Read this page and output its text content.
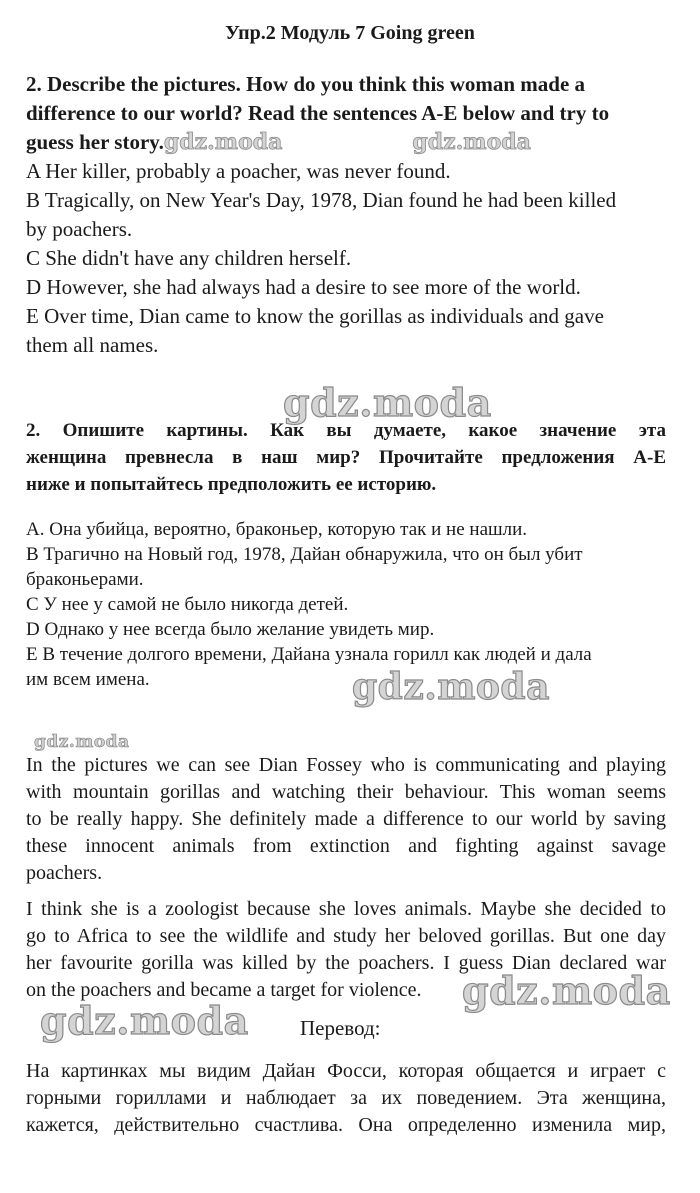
Упр.2 Модуль 7 Going green
2. Describe the pictures. How do you think this woman made a
difference to our world? Read the sentences A-E below and try to
guess her story.gdz.moda	gdz.moda
A Her killer, probably a poacher, was never found.
B Tragically, on New Year's Day, 1978, Dian found he had been killed
by poachers.
C She didn't have any children herself.
D However, she had always had a desire to see more of the world.
E Over time, Dian came to know the gorillas as individuals and gave
them all names.
gdz.moda
2. Опишите картины. Как вы думаете, какое значение эта
женщина превнесла в наш мир? Прочитайте предложения A-E
ниже и попытайтесь предположить ее историю.
А. Она убийца, вероятно, браконьер, которую так и не нашли.
В Трагично на Новый год, 1978, Дайан обнаружила, что он был убит
браконьерами.
С У нее у самой не было никогда детей.
D Однако у нее всегда было желание увидеть мир.
Е В течение долгого времени, Дайана узнала горилл как людей и дала
им всем имена.	gdz.moda
gdz.moda
In the pictures we can see Dian Fossey who is communicating and playing
with mountain gorillas and watching their behaviour. This woman seems
to be really happy. She definitely made a difference to our world by saving
these innocent animals from extinction and fighting against savage
poachers.
I think she is a zoologist because she loves animals. Maybe she decided to
go to Africa to see the wildlife and study her beloved gorillas. But one day
her favourite gorilla was killed by the poachers. I guess Dian declared war
on the poachers and became a target for violence.	gdz.moda
gdz.moda Перевод:
На картинках мы видим Дайан Фосси, которая общается и играет с
горными гориллами и наблюдает за их поведением. Эта женщина,
кажется, действительно счастлива. Она определенно изменила мир,
